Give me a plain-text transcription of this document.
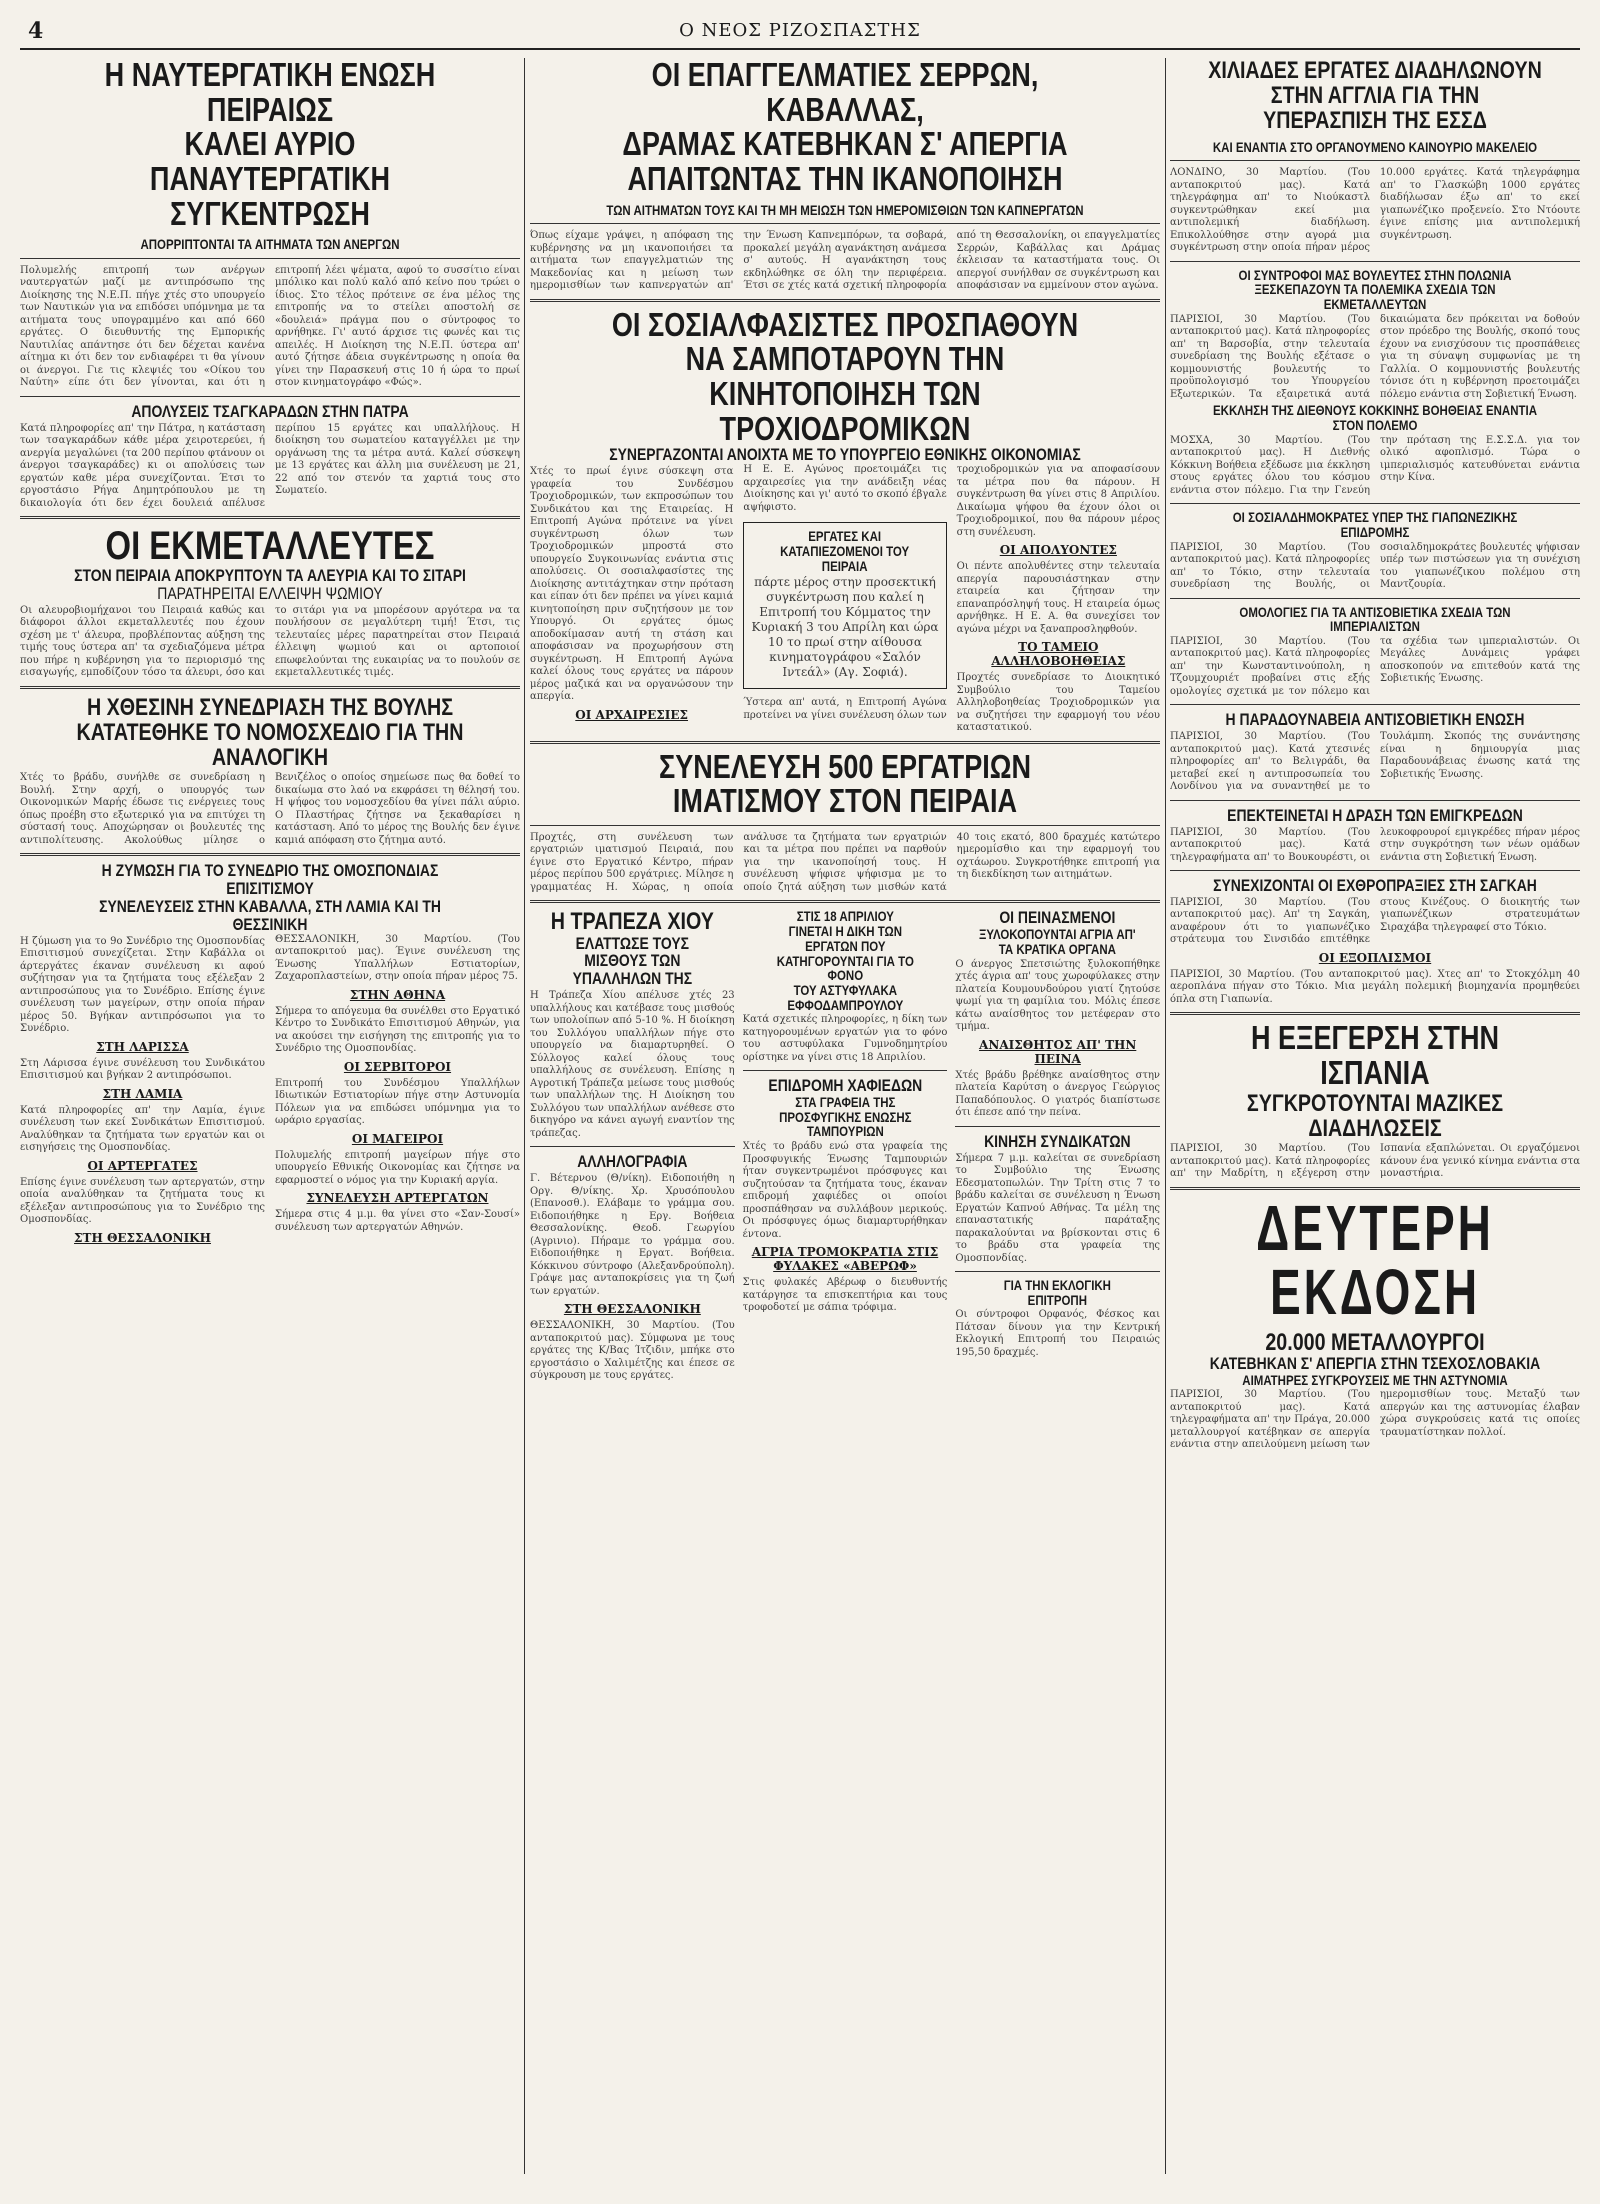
4	Ο ΝΕΟΣ ΡΙΖΟΣΠΑΣΤΗΣ
Η ΝΑΥΤΕΡΓΑΤΙΚΗ ΕΝΩΣΗ ΠΕΙΡΑΙΩΣ
ΚΑΛΕΙ ΑΥΡΙΟ ΠΑΝΑΥΤΕΡΓΑΤΙΚΗ ΣΥΓΚΕΝΤΡΩΣΗ
ΑΠΟΡΡΙΠΤΟΝΤΑΙ ΤΑ ΑΙΤΗΜΑΤΑ ΤΩΝ ΑΝΕΡΓΩΝ

Πολυμελής επιτροπή των ανέργων ναυτεργατών μαζί με αντιπρόσωπο της Διοίκησης της Ν.Ε.Π. πήγε χτές στο υπουργείο των Ναυτικών για να επιδόσει υπόμνημα με τα αιτήματα τους υπογραμμένο και από 660 εργάτες. Ο διευθυντής της Εμπορικής Ναυτιλίας απάντησε ότι δεν δέχεται κανένα αίτημα κι ότι δεν τον ενδιαφέρει τι θα γίνουν οι άνεργοι. Γιε τις κλεψιές του «Οίκου του Ναύτη» είπε ότι δεν γίνονται, και ότι η επιτροπή λέει ψέματα, αφού το συσσίτιο είναι μπόλικο και πολύ καλό από κείνο που τρώει ο ίδιος. Στο τέλος πρότεινε σε ένα μέλος της επιτροπής να το στείλει αποστολή σε «δουλειά» πράγμα που ο σύντροφος το αρνήθηκε. Γι' αυτό άρχισε τις φωνές και τις απειλές. Η Διοίκηση της Ν.Ε.Π. ύστερα απ' αυτό ζήτησε άδεια συγκέντρωσης η οποία θα γίνει την Παρασκευή στις 10 ή ώρα το πρωί στον κινηματογράφο «Φώς».

ΑΠΟΛΥΣΕΙΣ ΤΣΑΓΚΑΡΑΔΩΝ ΣΤΗΝ ΠΑΤΡΑ

Κατά πληροφορίες απ' την Πάτρα, η κατάσταση των τσαγκαράδων κάθε μέρα χειροτερεύει, ή ανεργία μεγαλώνει (τα 200 περίπου φτάνουν οι άνεργοι τσαγκαράδες) κι οι απολύσεις των εργατών καθε μέρα συνεχίζονται. Έτσι το εργοστάσιο Ρήγα Δημητρόπουλου με τη δικαιολογία ότι δεν έχει δουλειά απέλυσε περίπου 15 εργάτες και υπαλλήλους. Η διοίκηση του σωματείου καταγγέλλει με την οργάνωση της τα μέτρα αυτά. Καλεί σύσκεψη με 13 εργάτες και άλλη μια συνέλευση με 21, 22 από τον στενόν τα χαρτιά τους στο Σωματείο.

ΟΙ ΕΚΜΕΤΑΛΛΕΥΤΕΣ
ΣΤΟΝ ΠΕΙΡΑΙΑ ΑΠΟΚΡΥΠΤΟΥΝ ΤΑ ΑΛΕΥΡΙΑ ΚΑΙ ΤΟ ΣΙΤΑΡΙ
ΠΑΡΑΤΗΡΕΙΤΑΙ ΕΛΛΕΙΨΗ ΨΩΜΙΟΥ

Οι αλευροβιομήχανοι του Πειραιά καθώς και διάφοροι άλλοι εκμεταλλευτές που έχουν σχέση με τ' άλευρα, προβλέποντας αύξηση της τιμής τους ύστερα απ' τα σχεδιαζόμενα μέτρα που πήρε η κυβέρνηση για το περιορισμό της εισαγωγής, εμποδίζουν τόσο τα άλευρι, όσο και το σιτάρι για να μπορέσουν αργότερα να τα πουλήσουν σε μεγαλύτερη τιμή! Έτσι, τις τελευταίες μέρες παρατηρείται στον Πειραιά έλλειψη ψωμιού και οι αρτοποιοί επωφελούνται της ευκαιρίας να το πουλούν σε εκμεταλλευτικές τιμές.

Η ΧΘΕΣΙΝΗ ΣΥΝΕΔΡΙΑΣΗ ΤΗΣ ΒΟΥΛΗΣ
ΚΑΤΑΤΕΘΗΚΕ ΤΟ ΝΟΜΟΣΧΕΔΙΟ ΓΙΑ ΤΗΝ ΑΝΑΛΟΓΙΚΗ

Χτές το βράδυ, συνήλθε σε συνεδρίαση η Βουλή. Στην αρχή, ο υπουργός των Οικονομικών Μαρής έδωσε τις ενέργειες τους όπως προέβη στο εξωτερικό για να επιτύχει τη σύστασή τους. Αποχώρησαν οι βουλευτές της αντιπολίτευσης. Ακολούθως μίλησε ο Βενιζέλος ο οποίος σημείωσε πως θα δοθεί το δικαίωμα στο λαό να εκφράσει τη θέλησή του. Η ψήφος του νομοσχεδίου θα γίνει πάλι αύριο. Ο Πλαστήρας ζήτησε να ξεκαθαρίσει η κατάσταση. Από το μέρος της Βουλής δεν έγινε καμιά απόφαση στο ζήτημα αυτό.

Η ΖΥΜΩΣΗ ΓΙΑ ΤΟ ΣΥΝΕΔΡΙΟ ΤΗΣ ΟΜΟΣΠΟΝΔΙΑΣ ΕΠΙΣΙΤΙΣΜΟΥ
ΣΥΝΕΛΕΥΣΕΙΣ ΣΤΗΝ ΚΑΒΑΛΛΑ, ΣΤΗ ΛΑΜΙΑ ΚΑΙ ΤΗ ΘΕΣΣΙΝΙΚΗ

Η ζύμωση για το 9ο Συνέδριο της Ομοσπονδίας Επισιτισμού συνεχίζεται. Στην Καβάλλα οι άρτεργάτες έκαναν συνέλευση κι αφού συζήτησαν για τα ζητήματα τους εξέλεξαν 2 αντιπροσώπους για το Συνέδριο. Επίσης έγινε συνέλευση των μαγείρων, στην οποία πήραν μέρος 50. Βγήκαν αντιπρόσωποι για το Συνέδριο.

ΣΤΗ ΛΑΡΙΣΣΑ

Στη Λάρισσα έγινε συνέλευση του Συνδικάτου Επισιτισμού και βγήκαν 2 αντιπρόσωποι.

ΣΤΗ ΛΑΜΙΑ

Κατά πληροφορίες απ' την Λαμία, έγινε συνέλευση των εκεί Συνδικάτων Επισιτισμού. Αναλύθηκαν τα ζητήματα των εργατών και οι εισηγήσεις της Ομοσπονδίας.

ΟΙ ΑΡΤΕΡΓΑΤΕΣ

Επίσης έγινε συνέλευση των αρτεργατών, στην οποία αναλύθηκαν τα ζητήματα τους κι εξέλεξαν αντιπροσώπους για το Συνέδριο της Ομοσπονδίας.

ΣΤΗ ΘΕΣΣΑΛΟΝΙΚΗ

ΘΕΣΣΑΛΟΝΙΚΗ, 30 Μαρτίου. (Του ανταποκριτού μας). Έγινε συνέλευση της Ένωσης Υπαλλήλων Εστιατορίων, Ζαχαροπλαστείων, στην οποία πήραν μέρος 75.

ΣΤΗΝ ΑΘΗΝΑ

Σήμερα το απόγευμα θα συνέλθει στο Εργατικό Κέντρο το Συνδικάτο Επισιτισμού Αθηνών, για να ακούσει την εισήγηση της επιτροπής για το Συνέδριο της Ομοσπονδίας.

ΟΙ ΣΕΡΒΙΤΟΡΟΙ

Επιτροπή του Συνδέσμου Υπαλλήλων Ιδιωτικών Εστιατορίων πήγε στην Αστυνομία Πόλεων για να επιδώσει υπόμνημα για το ωράριο εργασίας.

ΟΙ ΜΑΓΕΙΡΟΙ

Πολυμελής επιτροπή μαγείρων πήγε στο υπουργείο Εθνικής Οικονομίας και ζήτησε να εφαρμοστεί ο νόμος για την Κυριακή αργία.

ΣΥΝΕΛΕΥΣΗ ΑΡΤΕΡΓΑΤΩΝ

Σήμερα στις 4 μ.μ. θα γίνει στο «Σαν-Σουσί» συνέλευση των αρτεργατών Αθηνών.

ΟΙ ΕΠΑΓΓΕΛΜΑΤΙΕΣ ΣΕΡΡΩΝ, ΚΑΒΑΛΛΑΣ,
ΔΡΑΜΑΣ ΚΑΤΕΒΗΚΑΝ Σ' ΑΠΕΡΓΙΑ ΑΠΑΙΤΩΝΤΑΣ ΤΗΝ ΙΚΑΝΟΠΟΙΗΣΗ
ΤΩΝ ΑΙΤΗΜΑΤΩΝ ΤΟΥΣ ΚΑΙ ΤΗ ΜΗ ΜΕΙΩΣΗ ΤΩΝ ΗΜΕΡΟΜΙΣΘΙΩΝ ΤΩΝ ΚΑΠΝΕΡΓΑΤΩΝ

Όπως είχαμε γράψει, η απόφαση της κυβέρνησης να μη ικανοποιήσει τα αιτήματα των επαγγελματιών της Μακεδονίας και η μείωση των ημερομισθίων των καπνεργατών απ' την Ένωση Καπνεμπόρων, τα σοβαρά, προκαλεί μεγάλη αγανάκτηση ανάμεσα σ' αυτούς. Η αγανάκτηση τους εκδηλώθηκε σε όλη την περιφέρεια. Έτσι σε χτές κατά σχετική πληροφορία από τη Θεσσαλονίκη, οι επαγγελματίες Σερρών, Καβάλλας και Δράμας έκλεισαν τα καταστήματα τους. Οι απεργοί συνήλθαν σε συγκέντρωση και αποφάσισαν να εμμείνουν στον αγώνα.

ΟΙ ΣΟΣΙΑΛΦΑΣΙΣΤΕΣ ΠΡΟΣΠΑΘΟΥΝ
ΝΑ ΣΑΜΠΟΤΑΡΟΥΝ ΤΗΝ ΚΙΝΗΤΟΠΟΙΗΣΗ ΤΩΝ ΤΡΟΧΙΟΔΡΟΜΙΚΩΝ
ΣΥΝΕΡΓΑΖΟΝΤΑΙ ΑΝΟΙΧΤΑ ΜΕ ΤΟ ΥΠΟΥΡΓΕΙΟ ΕΘΝΙΚΗΣ ΟΙΚΟΝΟΜΙΑΣ

Χτές το πρωί έγινε σύσκεψη στα γραφεία του Συνδέσμου Τροχιοδρομικών, των εκπροσώπων του Συνδικάτου και της Εταιρείας. Η Επιτροπή Αγώνα πρότεινε να γίνει συγκέντρωση όλων των Τροχιοδρομικών μπροστά στο υπουργείο Συγκοινωνίας ενάντια στις απολύσεις. Οι σοσιαλφασίστες της Διοίκησης αντιτάχτηκαν στην πρόταση και είπαν ότι δεν πρέπει να γίνει καμιά κινητοποίηση πριν συζητήσουν με τον Υπουργό. Οι εργάτες όμως αποδοκίμασαν αυτή τη στάση και αποφάσισαν να προχωρήσουν στη συγκέντρωση. Η Επιτροπή Αγώνα καλεί όλους τους εργάτες να πάρουν μέρος μαζικά και να οργανώσουν την απεργία.

ΟΙ ΑΡΧΑΙΡΕΣΙΕΣ

Η Ε. Ε. Αγώνος προετοιμάζει τις αρχαιρεσίες για την ανάδειξη νέας Διοίκησης και γι' αυτό το σκοπό έβγαλε αψήφιστο.

ΕΡΓΑΤΕΣ ΚΑΙ ΚΑΤΑΠΙΕΖΟΜΕΝΟΙ ΤΟΥ ΠΕΙΡΑΙΑ

πάρτε μέρος στην προσεκτική συγκέντρωση που καλεί η Επιτροπή του Κόμματος την Κυριακή 3 του Απρίλη και ώρα 10 το πρωί στην αίθουσα κινηματογράφου «Σαλόν Ιντεάλ» (Αγ. Σοφιά).

Ύστερα απ' αυτά, η Επιτροπή Αγώνα προτείνει να γίνει συνέλευση όλων των τροχιοδρομικών για να αποφασίσουν τα μέτρα που θα πάρουν. Η συγκέντρωση θα γίνει στις 8 Απριλίου. Δικαίωμα ψήφου θα έχουν όλοι οι Τροχιοδρομικοί, που θα πάρουν μέρος στη συνέλευση.

ΟΙ ΑΠΟΛΥΟΝΤΕΣ

Οι πέντε απολυθέντες στην τελευταία απεργία παρουσιάστηκαν στην εταιρεία και ζήτησαν την επαναπρόσληψή τους. Η εταιρεία όμως αρνήθηκε. Η Ε. Α. θα συνεχίσει τον αγώνα μέχρι να ξαναπροσληφθούν.

ΤΟ ΤΑΜΕΙΟ ΑΛΛΗΛΟΒΟΗΘΕΙΑΣ

Προχτές συνεδρίασε το Διοικητικό Συμβούλιο του Ταμείου Αλληλοβοηθείας Τροχιοδρομικών για να συζητήσει την εφαρμογή του νέου καταστατικού.

ΣΥΝΕΛΕΥΣΗ 500 ΕΡΓΑΤΡΙΩΝ ΙΜΑΤΙΣΜΟΥ ΣΤΟΝ ΠΕΙΡΑΙΑ

Προχτές, στη συνέλευση των εργατριών ιματισμού Πειραιά, που έγινε στο Εργατικό Κέντρο, πήραν μέρος περίπου 500 εργάτριες. Μίλησε η γραμματέας Η. Χώρας, η οποία ανάλυσε τα ζητήματα των εργατριών και τα μέτρα που πρέπει να παρθούν για την ικανοποίησή τους. Η συνέλευση ψήφισε ψήφισμα με το οποίο ζητά αύξηση των μισθών κατά 40 τοις εκατό, 800 δραχμές κατώτερο ημερομίσθιο και την εφαρμογή του οχτάωρου. Συγκροτήθηκε επιτροπή για τη διεκδίκηση των αιτημάτων.

Η ΤΡΑΠΕΖΑ ΧΙΟΥ
ΕΛΑΤΤΩΣΕ ΤΟΥΣ ΜΙΣΘΟΥΣ ΤΩΝ ΥΠΑΛΛΗΛΩΝ ΤΗΣ

Η Τράπεζα Χίου απέλυσε χτές 23 υπαλλήλους και κατέβασε τους μισθούς των υπολοίπων από 5-10 %. Η διοίκηση του Συλλόγου υπαλλήλων πήγε στο υπουργείο να διαμαρτυρηθεί. Ο Σύλλογος καλεί όλους τους υπαλλήλους σε συνέλευση. Επίσης η Αγροτική Τράπεζα μείωσε τους μισθούς των υπαλλήλων της. Η Διοίκηση του Συλλόγου των υπαλλήλων ανέθεσε στο δικηγόρο να κάνει αγωγή εναντίον της τράπεζας.

ΑΛΛΗΛΟΓΡΑΦΙΑ

Γ. Βέτερνου (Θ/νίκη). Ειδοποιήθη η Οργ. Θ/νίκης. Χρ. Χρυσόπουλου (Επανοσθ.). Ελάβαμε το γράμμα σου. Ειδοποιήθηκε η Εργ. Βοήθεια Θεσσαλονίκης. Θεοδ. Γεωργίου (Αγρινιο). Πήραμε το γράμμα σου. Ειδοποιήθηκε η Εργατ. Βοήθεια. Κόκκινου σύντροφο (Αλεξανδρούπολη). Γράψε μας ανταποκρίσεις για τη ζωή των εργατών.

ΣΤΗ ΘΕΣΣΑΛΟΝΙΚΗ

ΘΕΣΣΑΛΟΝΙΚΗ, 30 Μαρτίου. (Του ανταποκριτού μας). Σύμφωνα με τους εργάτες της Κ/Βας Ίτζιδιν, μπήκε στο εργοστάσιο ο Χαλιμέτζης και έπεσε σε σύγκρουση με τους εργάτες.

ΣΤΙΣ 18 ΑΠΡΙΛΙΟΥ
ΓΙΝΕΤΑΙ Η ΔΙΚΗ ΤΩΝ ΕΡΓΑΤΩΝ ΠΟΥ ΚΑΤΗΓΟΡΟΥΝΤΑΙ ΓΙΑ ΤΟ ΦΟΝΟ
ΤΟΥ ΑΣΤΥΦΥΛΑΚΑ ΕΦΦΟΔΑΜΠΡΟΥΛΟΥ

Κατά σχετικές πληροφορίες, η δίκη των κατηγορουμένων εργατών για το φόνο του αστυφύλακα Γυμνοδημητρίου ορίστηκε να γίνει στις 18 Απριλίου.

ΕΠΙΔΡΟΜΗ ΧΑΦΙΕΔΩΝ
ΣΤΑ ΓΡΑΦΕΙΑ ΤΗΣ ΠΡΟΣΦΥΓΙΚΗΣ ΕΝΩΣΗΣ ΤΑΜΠΟΥΡΙΩΝ

Χτές το βράδυ ενώ στα γραφεία της Προσφυγικής Ένωσης Ταμπουριών ήταν συγκεντρωμένοι πρόσφυγες και συζητούσαν τα ζητήματα τους, έκαναν επιδρομή χαφιέδες οι οποίοι προσπάθησαν να συλλάβουν μερικούς. Οι πρόσφυγες όμως διαμαρτυρήθηκαν έντονα.

ΑΓΡΙΑ ΤΡΟΜΟΚΡΑΤΙΑ ΣΤΙΣ ΦΥΛΑΚΕΣ «ΑΒΕΡΩΦ»

Στις φυλακές Αβέρωφ ο διευθυντής κατάργησε τα επισκεπτήρια και τους τροφοδοτεί με σάπια τρόφιμα.

ΟΙ ΠΕΙΝΑΣΜΕΝΟΙ
ΞΥΛΟΚΟΠΟΥΝΤΑΙ ΑΓΡΙΑ ΑΠ' ΤΑ ΚΡΑΤΙΚΑ ΟΡΓΑΝΑ

Ο άνεργος Σπετσιώτης ξυλοκοπήθηκε χτές άγρια απ' τους χωροφύλακες στην πλατεία Κουμουνδούρου γιατί ζητούσε ψωμί για τη φαμίλια του. Μόλις έπεσε κάτω αναίσθητος τον μετέφεραν στο τμήμα.

ΑΝΑΙΣΘΗΤΟΣ ΑΠ' ΤΗΝ ΠΕΙΝΑ

Χτές βράδυ βρέθηκε αναίσθητος στην πλατεία Καρύτση ο άνεργος Γεώργιος Παπαδόπουλος. Ο γιατρός διαπίστωσε ότι έπεσε από την πείνα.

ΚΙΝΗΣΗ ΣΥΝΔΙΚΑΤΩΝ

Σήμερα 7 μ.μ. καλείται σε συνεδρίαση το Συμβούλιο της Ένωσης Εδεσματοπωλών. Την Τρίτη στις 7 το βράδυ καλείται σε συνέλευση η Ένωση Εργατών Καπνού Αθήνας. Τα μέλη της επαναστατικής παράταξης παρακαλούνται να βρίσκονται στις 6 το βράδυ στα γραφεία της Ομοσπονδίας.

ΓΙΑ ΤΗΝ ΕΚΛΟΓΙΚΗ ΕΠΙΤΡΟΠΗ

Οι σύντροφοι Ορφανός, Φέσκος και Πάτσαν δίνουν για την Κεντρική Εκλογική Επιτροπή του Πειραιώς 195,50 δραχμές.

ΧΙΛΙΑΔΕΣ ΕΡΓΑΤΕΣ ΔΙΑΔΗΛΩΝΟΥΝ
ΣΤΗΝ ΑΓΓΛΙΑ ΓΙΑ ΤΗΝ ΥΠΕΡΑΣΠΙΣΗ ΤΗΣ ΕΣΣΔ
ΚΑΙ ΕΝΑΝΤΙΑ ΣΤΟ ΟΡΓΑΝΟΥΜΕΝΟ ΚΑΙΝΟΥΡΙΟ ΜΑΚΕΛΕΙΟ

ΛΟΝΔΙΝΟ, 30 Μαρτίου. (Του ανταποκριτού μας). Κατά τηλεγράφημα απ' το Νιούκαστλ συγκεντρώθηκαν εκεί μια αντιπολεμική διαδήλωση. Επικολλούθησε στην αγορά μια συγκέντρωση στην οποία πήραν μέρος 10.000 εργάτες. Κατά τηλεγράφημα απ' το Γλασκώβη 1000 εργάτες διαδήλωσαν έξω απ' το εκεί γιαπωνέζικο προξενείο. Στο Ντόουτε έγινε επίσης μια αντιπολεμική συγκέντρωση.

ΟΙ ΣΥΝΤΡΟΦΟΙ ΜΑΣ ΒΟΥΛΕΥΤΕΣ ΣΤΗΝ ΠΟΛΩΝΙΑ
ΞΕΣΚΕΠΑΖΟΥΝ ΤΑ ΠΟΛΕΜΙΚΑ ΣΧΕΔΙΑ ΤΩΝ ΕΚΜΕΤΑΛΛΕΥΤΩΝ

ΠΑΡΙΣΙΟΙ, 30 Μαρτίου. (Του ανταποκριτού μας). Κατά πληροφορίες απ' τη Βαρσοβία, στην τελευταία συνεδρίαση της Βουλής εξέτασε ο κομμουνιστής βουλευτής το προϋπολογισμό του Υπουργείου Εξωτερικών. Τα εξαιρετικά αυτά δικαιώματα δεν πρόκειται να δοθούν στον πρόεδρο της Βουλής, σκοπό τους έχουν να ενισχύσουν τις προσπάθειες για τη σύναψη συμφωνίας με τη Γαλλία. Ο κομμουνιστής βουλευτής τόνισε ότι η κυβέρνηση προετοιμάζει πόλεμο ενάντια στη Σοβιετική Ένωση.

ΕΚΚΛΗΣΗ ΤΗΣ ΔΙΕΘΝΟΥΣ ΚΟΚΚΙΝΗΣ ΒΟΗΘΕΙΑΣ ΕΝΑΝΤΙΑ ΣΤΟΝ ΠΟΛΕΜΟ

ΜΟΣΧΑ, 30 Μαρτίου. (Του ανταποκριτού μας). Η Διεθνής Κόκκινη Βοήθεια εξέδωσε μια έκκληση στους εργάτες όλου του κόσμου ενάντια στον πόλεμο. Για την Γενεύη την πρόταση της Ε.Σ.Σ.Δ. για τον ολικό αφοπλισμό. Τώρα ο ιμπεριαλισμός κατευθύνεται ενάντια στην Κίνα.

ΟΙ ΣΟΣΙΑΛΔΗΜΟΚΡΑΤΕΣ ΥΠΕΡ ΤΗΣ ΓΙΑΠΩΝΕΖΙΚΗΣ ΕΠΙΔΡΟΜΗΣ

ΠΑΡΙΣΙΟΙ, 30 Μαρτίου. (Του ανταποκριτού μας). Κατά πληροφορίες απ' το Τόκιο, στην τελευταία συνεδρίαση της Βουλής, οι σοσιαλδημοκράτες βουλευτές ψήφισαν υπέρ των πιστώσεων για τη συνέχιση του γιαπωνέζικου πολέμου στη Μαντζουρία.

ΟΜΟΛΟΓΙΕΣ ΓΙΑ ΤΑ ΑΝΤΙΣΟΒΙΕΤΙΚΑ ΣΧΕΔΙΑ ΤΩΝ ΙΜΠΕΡΙΑΛΙΣΤΩΝ

ΠΑΡΙΣΙΟΙ, 30 Μαρτίου. (Του ανταποκριτού μας). Κατά πληροφορίες απ' την Κωνσταντινούπολη, η Τζουμχουριέτ προβαίνει στις εξής ομολογίες σχετικά με τον πόλεμο και τα σχέδια των ιμπεριαλιστών. Οι Μεγάλες Δυνάμεις γράφει αποσκοπούν να επιτεθούν κατά της Σοβιετικής Ένωσης.

Η ΠΑΡΑΔΟΥΝΑΒΕΙΑ ΑΝΤΙΣΟΒΙΕΤΙΚΗ ΕΝΩΣΗ

ΠΑΡΙΣΙΟΙ, 30 Μαρτίου. (Του ανταποκριτού μας). Κατά χτεσινές πληροφορίες απ' το Βελιγράδι, θα μεταβεί εκεί η αντιπροσωπεία του Λονδίνου για να συναντηθεί με το Τουλάμπη. Σκοπός της συνάντησης είναι η δημιουργία μιας Παραδουνάβειας ένωσης κατά της Σοβιετικής Ένωσης.

ΕΠΕΚΤΕΙΝΕΤΑΙ Η ΔΡΑΣΗ ΤΩΝ ΕΜΙΓΚΡΕΔΩΝ

ΠΑΡΙΣΙΟΙ, 30 Μαρτίου. (Του ανταποκριτού μας). Κατά τηλεγραφήματα απ' το Βουκουρέστι, οι λευκοφρουροί εμιγκρέδες πήραν μέρος στην συγκρότηση των νέων ομάδων ενάντια στη Σοβιετική Ένωση.

ΣΥΝΕΧΙΖΟΝΤΑΙ ΟΙ ΕΧΘΡΟΠΡΑΞΙΕΣ ΣΤΗ ΣΑΓΚΑΗ

ΠΑΡΙΣΙΟΙ, 30 Μαρτίου. (Του ανταποκριτού μας). Απ' τη Σαγκάη, αναφέρουν ότι το γιαπωνέζικο στράτευμα του Σινσιδάο επιτέθηκε στους Κινέζους. Ο διοικητής των γιαπωνέζικων στρατευμάτων Σιραχάβα τηλεγραφεί στο Τόκιο.

ΟΙ ΕΞΟΠΛΙΣΜΟΙ

ΠΑΡΙΣΙΟΙ, 30 Μαρτίου. (Του ανταποκριτού μας). Χτες απ' το Στοκχόλμη 40 αεροπλάνα πήγαν στο Τόκιο. Μια μεγάλη πολεμική βιομηχανία προμηθεύει όπλα στη Γιαπωνία.

Η ΕΞΕΓΕΡΣΗ ΣΤΗΝ ΙΣΠΑΝΙΑ
ΣΥΓΚΡΟΤΟΥΝΤΑΙ ΜΑΖΙΚΕΣ ΔΙΑΔΗΛΩΣΕΙΣ

ΠΑΡΙΣΙΟΙ, 30 Μαρτίου. (Του ανταποκριτού μας). Κατά πληροφορίες απ' την Μαδρίτη, η εξέγερση στην Ισπανία εξαπλώνεται. Οι εργαζόμενοι κάνουν ένα γενικό κίνημα ενάντια στα μοναστήρια.

ΔΕΥΤΕΡΗ ΕΚΔΟΣΗ
20.000 ΜΕΤΑΛΛΟΥΡΓΟΙ
ΚΑΤΕΒΗΚΑΝ Σ' ΑΠΕΡΓΙΑ ΣΤΗΝ ΤΣΕΧΟΣΛΟΒΑΚΙΑ
ΑΙΜΑΤΗΡΕΣ ΣΥΓΚΡΟΥΣΕΙΣ ΜΕ ΤΗΝ ΑΣΤΥΝΟΜΙΑ

ΠΑΡΙΣΙΟΙ, 30 Μαρτίου. (Του ανταποκριτού μας). Κατά τηλεγραφήματα απ' την Πράγα, 20.000 μεταλλουργοί κατέβηκαν σε απεργία ενάντια στην απειλούμενη μείωση των ημερομισθίων τους. Μεταξύ των απεργών και της αστυνομίας έλαβαν χώρα συγκρούσεις κατά τις οποίες τραυματίστηκαν πολλοί.
